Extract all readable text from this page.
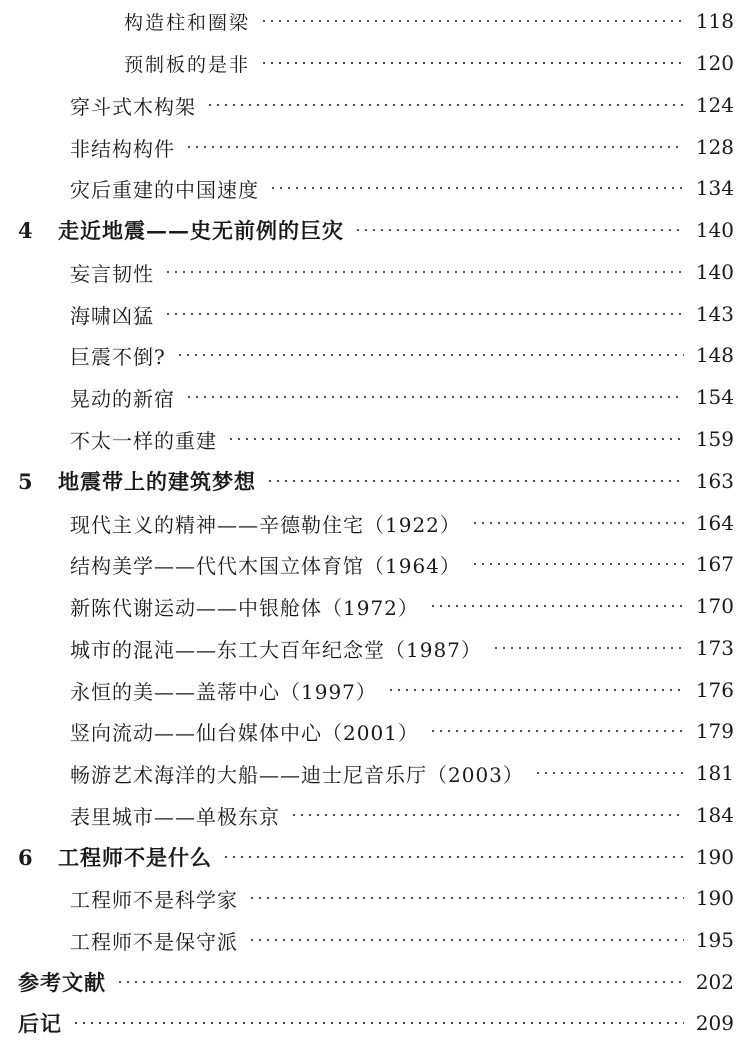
构造柱和圈梁	118
预制板的是非	120
穿斗式木构架	124
非结构构件	128
灾后重建的中国速度	134
4	走近地震——史无前例的巨灾	140
妄言韧性	140
海啸凶猛	143
巨震不倒?	148
晃动的新宿	154
不太一样的重建	159
5	地震带上的建筑梦想	163
现代主义的精神——辛德勒住宅（1922）	164
结构美学——代代木国立体育馆（1964）	167
新陈代谢运动——中银舱体（1972）	170
城市的混沌——东工大百年纪念堂（1987）	173
永恒的美——盖蒂中心（1997）	176
竖向流动——仙台媒体中心（2001）	179
畅游艺术海洋的大船——迪士尼音乐厅（2003）	181
表里城市——单极东京	184
6	工程师不是什么	190
工程师不是科学家	190
工程师不是保守派	195
参考文献	202
后记	209
